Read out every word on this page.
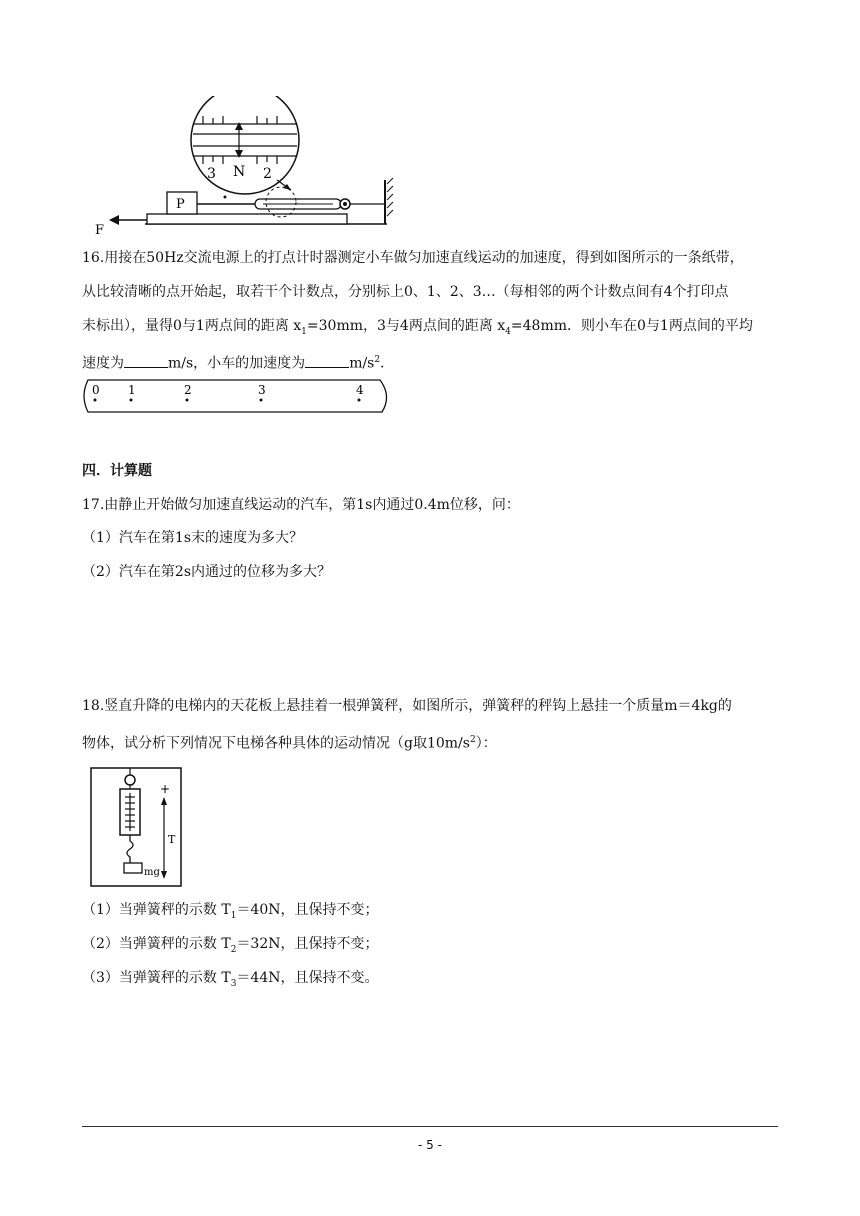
3 N 2
P
F
16.用接在50Hz交流电源上的打点计时器测定小车做匀加速直线运动的加速度，得到如图所示的一条纸带，
从比较清晰的点开始起，取若干个计数点，分别标上0、1、2、3…（每相邻的两个计数点间有4个打印点
未标出），量得0与1两点间的距离 $x_1=30mm$，3与4两点间的距离 $x_4=48mm$．则小车在0与1两点间的平均
速度为	m/s，小车的加速度为	$m/s^2$．
0 1	2	3	4
四．计算题
17.由静止开始做匀加速直线运动的汽车，第1s内通过0.4m位移，问：
（1）汽车在第1s末的速度为多大？
（2）汽车在第2s内通过的位移为多大？
18.竖直升降的电梯内的天花板上悬挂着一根弹簧秤，如图所示，弹簧秤的秤钩上悬挂一个质量m＝4kg的
物体，试分析下列情况下电梯各种具体的运动情况（g取$10m/s^2$）：
+
T
mg
（1）当弹簧秤的示数 $T_1=40N$，且保持不变；
（2）当弹簧秤的示数 $T_2=32N$，且保持不变；
（3）当弹簧秤的示数 $T_3=44N$，且保持不变。
- 5 -
